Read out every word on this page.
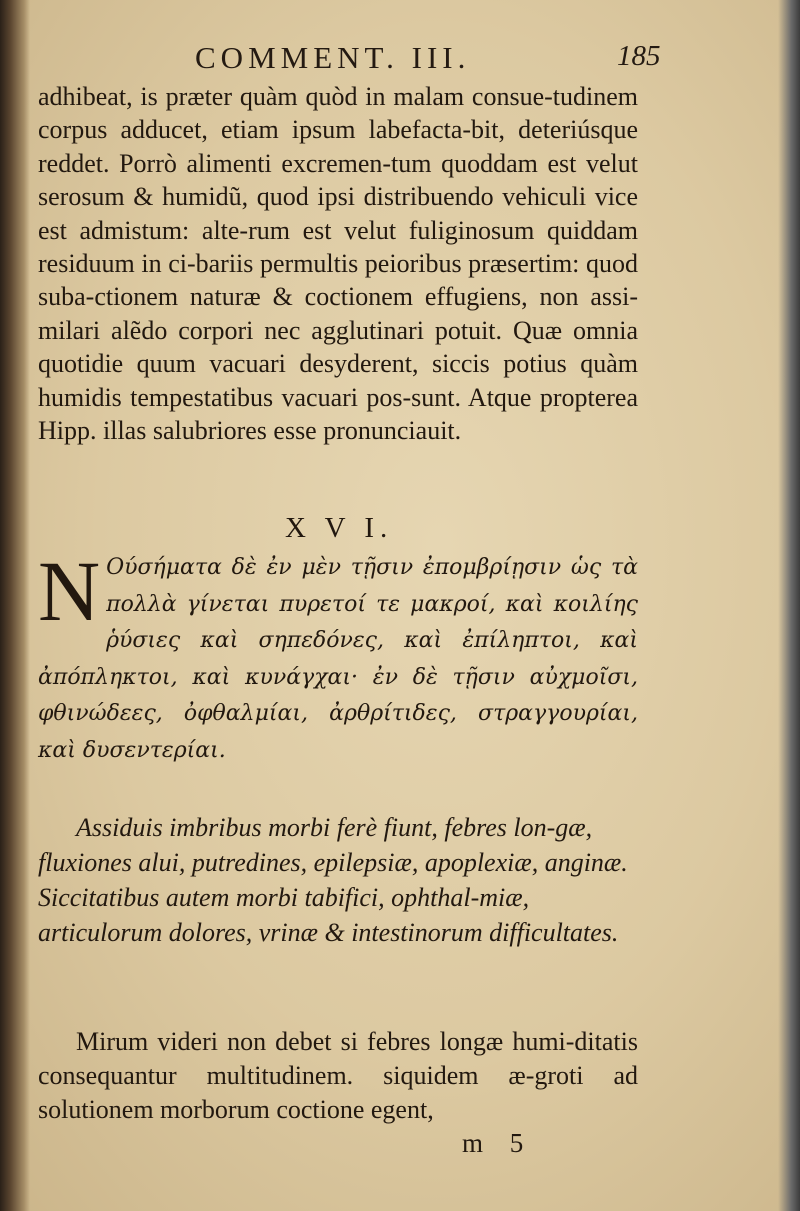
COMMENT. III.	185

adhibeat, is præter quàm quòd in malam consue-tudinem corpus adducet, etiam ipsum labefacta-bit, deteriúsque reddet. Porrò alimenti excremen-tum quoddam est velut serosum & humidũ, quod ipsi distribuendo vehiculi vice est admistum: alte-rum est velut fuliginosum quiddam residuum in ci-bariis permultis peioribus præsertim: quod suba-ctionem naturæ & coctionem effugiens, non assi-milari alẽdo corpori nec agglutinari potuit. Quæ omnia quotidie quum vacuari desyderent, siccis potius quàm humidis tempestatibus vacuari pos-sunt. Atque propterea Hipp. illas salubriores esse pronunciauit.

X V I.
N Ούσήματα δὲ ἐν μὲν τῇσιν ἐπομβρίῃσιν ὡς τὰ πολλὰ γίνεται πυρετοί τε μακροί, καὶ κοιλίης ῥύσιες καὶ σηπεδόνες, καὶ ἐπίληπτοι, καὶ ἀπόπληκτοι, καὶ κυνάγχαι· ἐν δὲ τῇσιν αὐχμοῖσι, φθινώδεες, ὀφθαλμίαι, ἀρθρίτιδες, στραγγουρίαι, καὶ δυσεντερίαι.

Assiduis imbribus morbi ferè fiunt, febres lon-gæ, fluxiones alui, putredines, epilepsiæ, apoplexiæ, anginæ. Siccitatibus autem morbi tabifici, ophthal-miæ, articulorum dolores, vrinæ & intestinorum difficultates.

Mirum videri non debet si febres longæ humi-ditatis consequantur multitudinem. siquidem æ-groti ad solutionem morborum coctione egent,

m 5
